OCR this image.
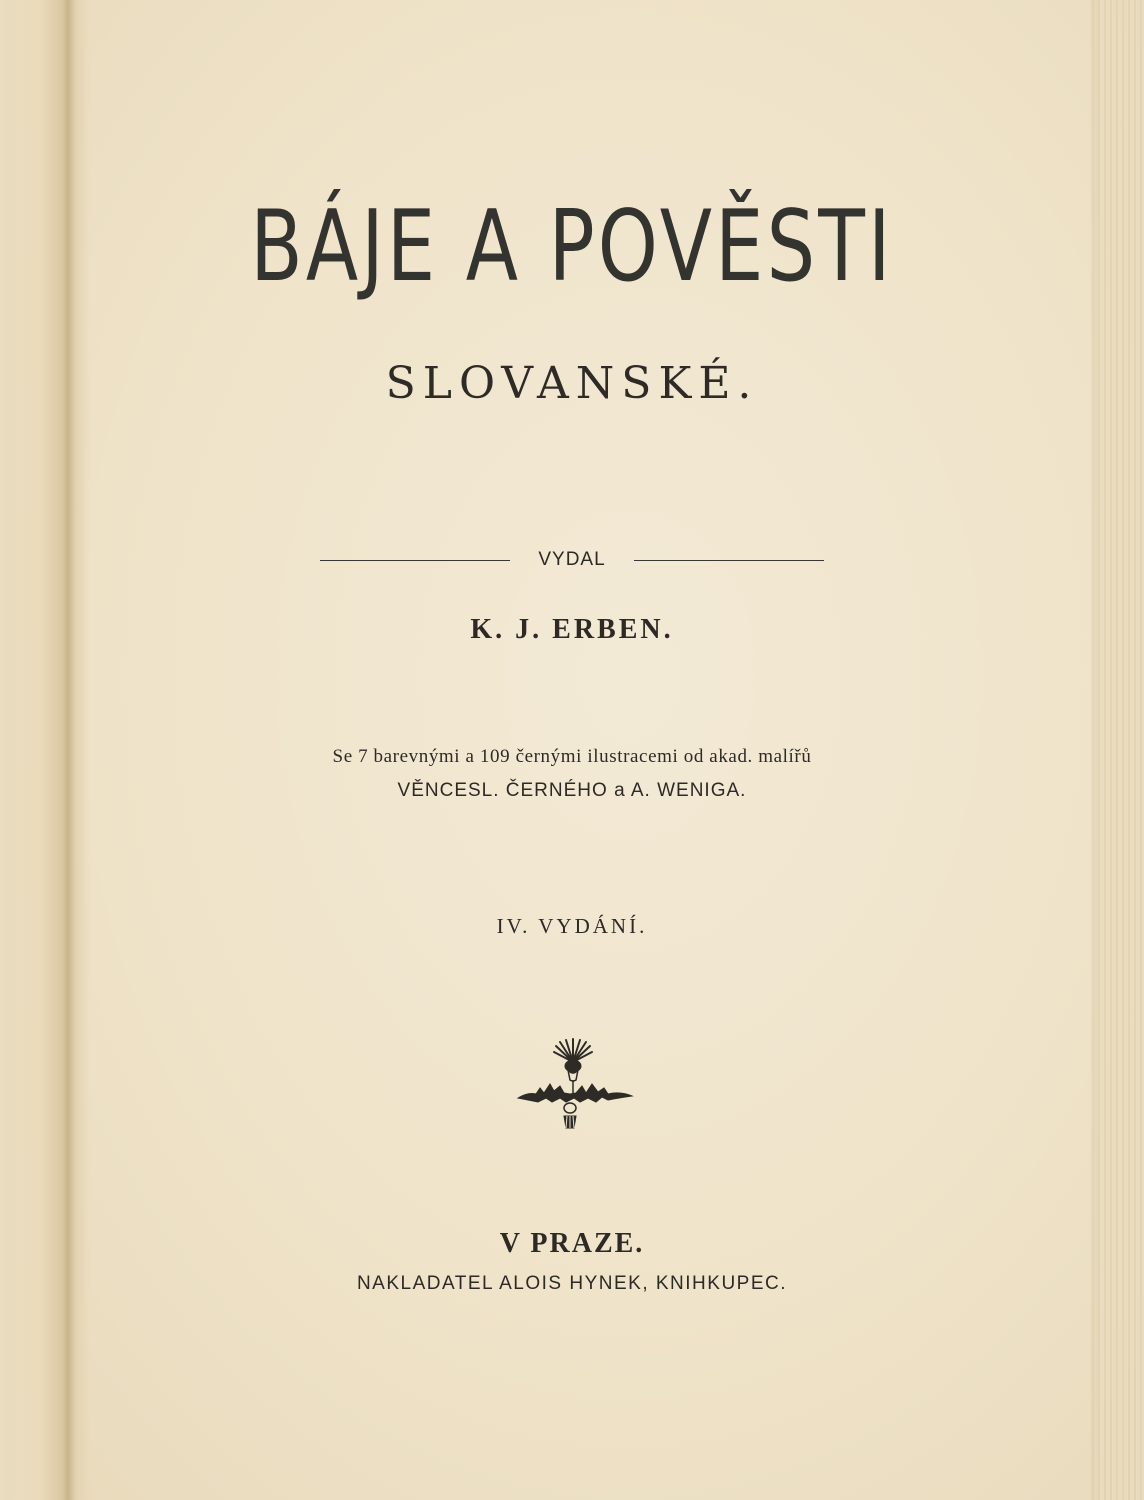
BÁJE A POVĚSTI
SLOVANSKÉ.
VYDAL
K. J. ERBEN.
Se 7 barevnými a 109 černými ilustracemi od akad. malířů
VĚNCESL. ČERNÉHO a A. WENIGA.
IV. VYDÁNÍ.
V PRAZE.
NAKLADATEL ALOIS HYNEK, KNIHKUPEC.
